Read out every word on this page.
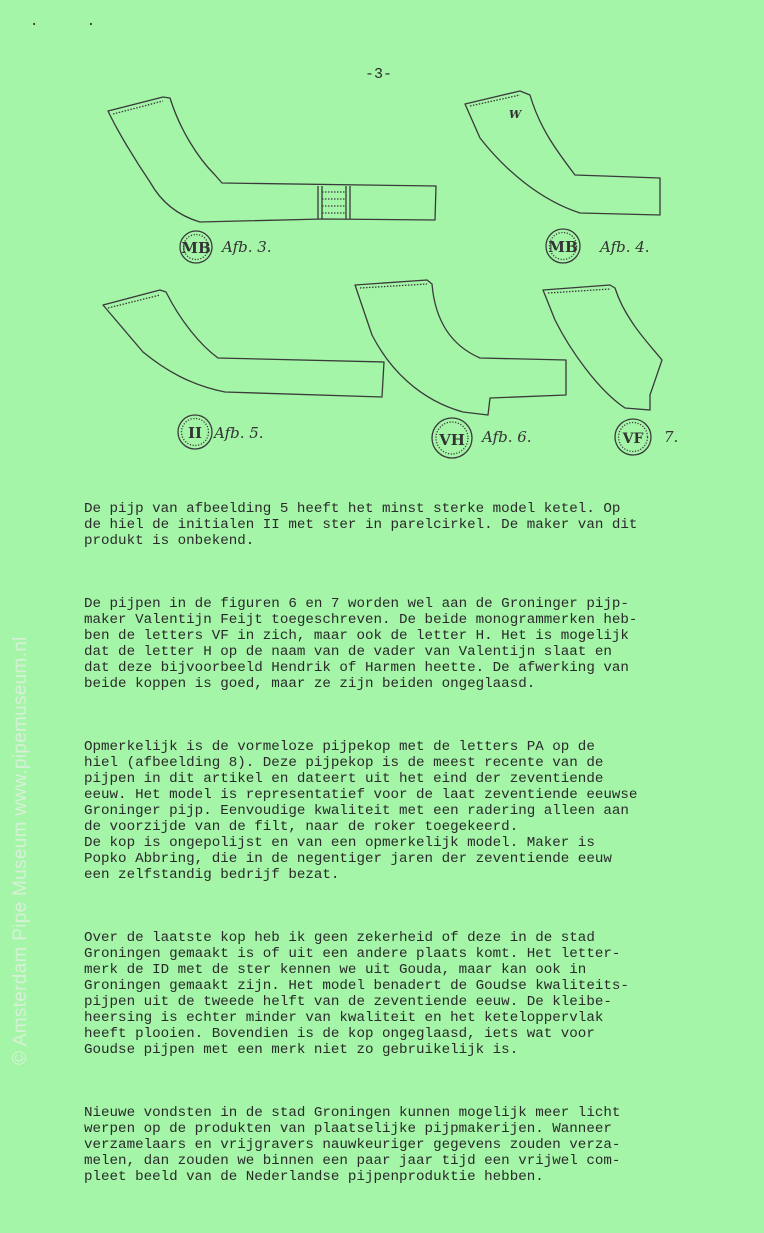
. .
-3-
© Amsterdam Pipe Museum www.pipemuseum.nl
MB	MB
II	VH	VF
W
Afb. 3.	Afb. 4.
Afb. 5.	Afb. 6.	7.

De pijp van afbeelding 5 heeft het minst sterke model ketel. Op
de hiel de initialen II met ster in parelcirkel. De maker van dit
produkt is onbekend.

De pijpen in de figuren 6 en 7 worden wel aan de Groninger pijp-
maker Valentijn Feijt toegeschreven. De beide monogrammerken heb-
ben de letters VF in zich, maar ook de letter H. Het is mogelijk
dat de letter H op de naam van de vader van Valentijn slaat en
dat deze bijvoorbeeld Hendrik of Harmen heette. De afwerking van
beide koppen is goed, maar ze zijn beiden ongeglaasd.

Opmerkelijk is de vormeloze pijpekop met de letters PA op de
hiel (afbeelding 8). Deze pijpekop is de meest recente van de
pijpen in dit artikel en dateert uit het eind der zeventiende
eeuw. Het model is representatief voor de laat zeventiende eeuwse
Groninger pijp. Eenvoudige kwaliteit met een radering alleen aan
de voorzijde van de filt, naar de roker toegekeerd.
De kop is ongepolijst en van een opmerkelijk model. Maker is
Popko Abbring, die in de negentiger jaren der zeventiende eeuw
een zelfstandig bedrijf bezat.

Over de laatste kop heb ik geen zekerheid of deze in de stad
Groningen gemaakt is of uit een andere plaats komt. Het letter-
merk de ID met de ster kennen we uit Gouda, maar kan ook in
Groningen gemaakt zijn. Het model benadert de Goudse kwaliteits-
pijpen uit de tweede helft van de zeventiende eeuw. De kleibe-
heersing is echter minder van kwaliteit en het keteloppervlak
heeft plooien. Bovendien is de kop ongeglaasd, iets wat voor
Goudse pijpen met een merk niet zo gebruikelijk is.

Nieuwe vondsten in de stad Groningen kunnen mogelijk meer licht
werpen op de produkten van plaatselijke pijpmakerijen. Wanneer
verzamelaars en vrijgravers nauwkeuriger gegevens zouden verza-
melen, dan zouden we binnen een paar jaar tijd een vrijwel com-
pleet beeld van de Nederlandse pijpenproduktie hebben.
